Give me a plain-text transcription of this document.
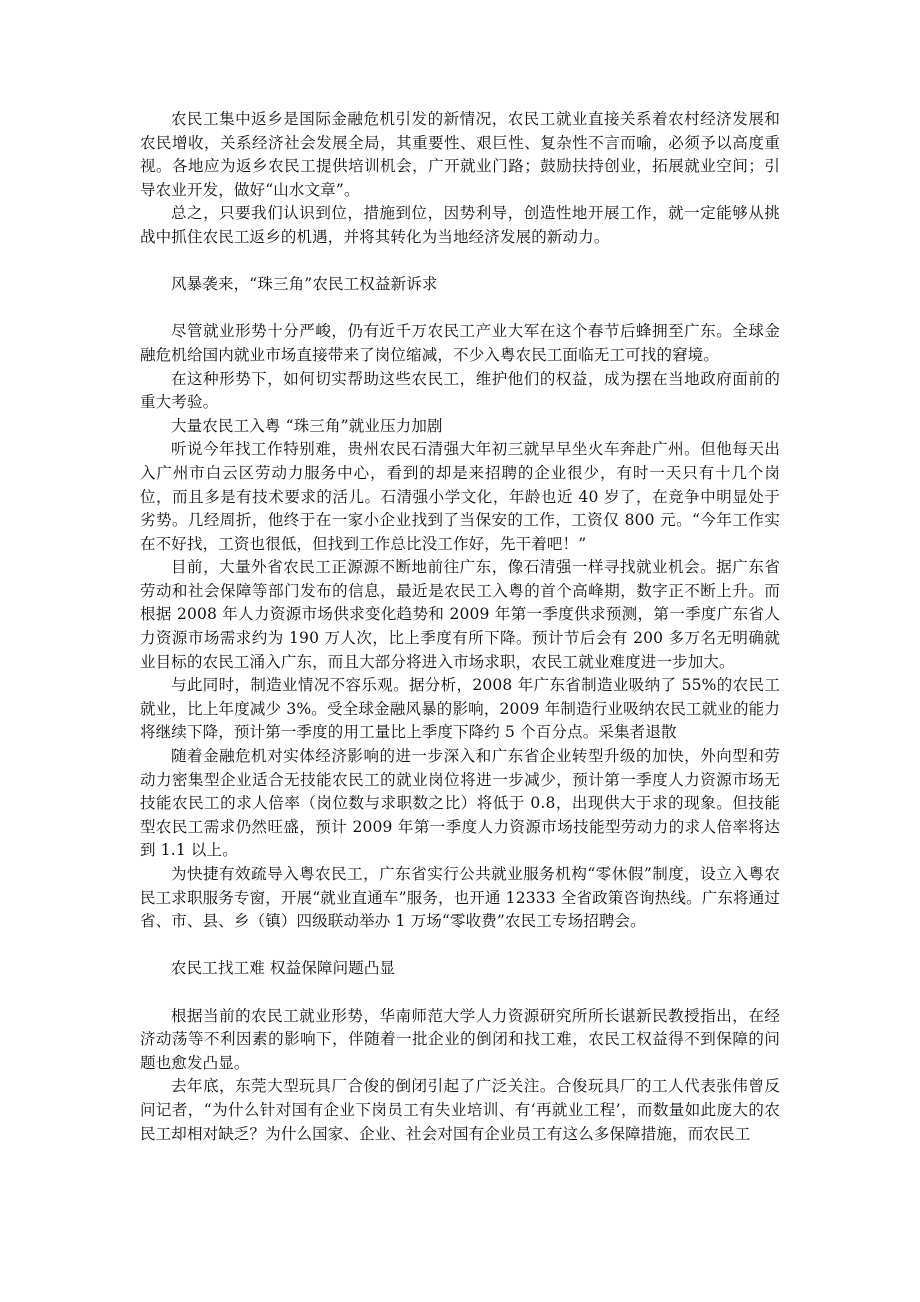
农民工集中返乡是国际金融危机引发的新情况，农民工就业直接关系着农村经济发展和农民增收，关系经济社会发展全局，其重要性、艰巨性、复杂性不言而喻，必须予以高度重视。各地应为返乡农民工提供培训机会，广开就业门路；鼓励扶持创业，拓展就业空间；引导农业开发，做好“山水文章”。

总之，只要我们认识到位，措施到位，因势利导，创造性地开展工作，就一定能够从挑战中抓住农民工返乡的机遇，并将其转化为当地经济发展的新动力。

风暴袭来，“珠三角”农民工权益新诉求

尽管就业形势十分严峻，仍有近千万农民工产业大军在这个春节后蜂拥至广东。全球金融危机给国内就业市场直接带来了岗位缩减，不少入粤农民工面临无工可找的窘境。

在这种形势下，如何切实帮助这些农民工，维护他们的权益，成为摆在当地政府面前的重大考验。

大量农民工入粤 “珠三角”就业压力加剧

听说今年找工作特别难，贵州农民石清强大年初三就早早坐火车奔赴广州。但他每天出入广州市白云区劳动力服务中心，看到的却是来招聘的企业很少，有时一天只有十几个岗位，而且多是有技术要求的活儿。石清强小学文化，年龄也近 40 岁了，在竞争中明显处于劣势。几经周折，他终于在一家小企业找到了当保安的工作，工资仅 800 元。“今年工作实在不好找，工资也很低，但找到工作总比没工作好，先干着吧！”

目前，大量外省农民工正源源不断地前往广东，像石清强一样寻找就业机会。据广东省劳动和社会保障等部门发布的信息，最近是农民工入粤的首个高峰期，数字正不断上升。而根据 2008 年人力资源市场供求变化趋势和 2009 年第一季度供求预测，第一季度广东省人力资源市场需求约为 190 万人次，比上季度有所下降。预计节后会有 200 多万名无明确就业目标的农民工涌入广东，而且大部分将进入市场求职，农民工就业难度进一步加大。

与此同时，制造业情况不容乐观。据分析，2008 年广东省制造业吸纳了 55%的农民工就业，比上年度减少 3%。受全球金融风暴的影响，2009 年制造行业吸纳农民工就业的能力将继续下降，预计第一季度的用工量比上季度下降约 5 个百分点。采集者退散

随着金融危机对实体经济影响的进一步深入和广东省企业转型升级的加快，外向型和劳动力密集型企业适合无技能农民工的就业岗位将进一步减少，预计第一季度人力资源市场无技能农民工的求人倍率（岗位数与求职数之比）将低于 0.8，出现供大于求的现象。但技能型农民工需求仍然旺盛，预计 2009 年第一季度人力资源市场技能型劳动力的求人倍率将达到 1.1 以上。

为快捷有效疏导入粤农民工，广东省实行公共就业服务机构“零休假”制度，设立入粤农民工求职服务专窗，开展“就业直通车”服务，也开通 12333 全省政策咨询热线。广东将通过省、市、县、乡（镇）四级联动举办 1 万场“零收费”农民工专场招聘会。

农民工找工难 权益保障问题凸显

根据当前的农民工就业形势，华南师范大学人力资源研究所所长谌新民教授指出，在经济动荡等不利因素的影响下，伴随着一批企业的倒闭和找工难，农民工权益得不到保障的问题也愈发凸显。

去年底，东莞大型玩具厂合俊的倒闭引起了广泛关注。合俊玩具厂的工人代表张伟曾反问记者，“为什么针对国有企业下岗员工有失业培训、有‘再就业工程’，而数量如此庞大的农民工却相对缺乏？为什么国家、企业、社会对国有企业员工有这么多保障措施，而农民工
